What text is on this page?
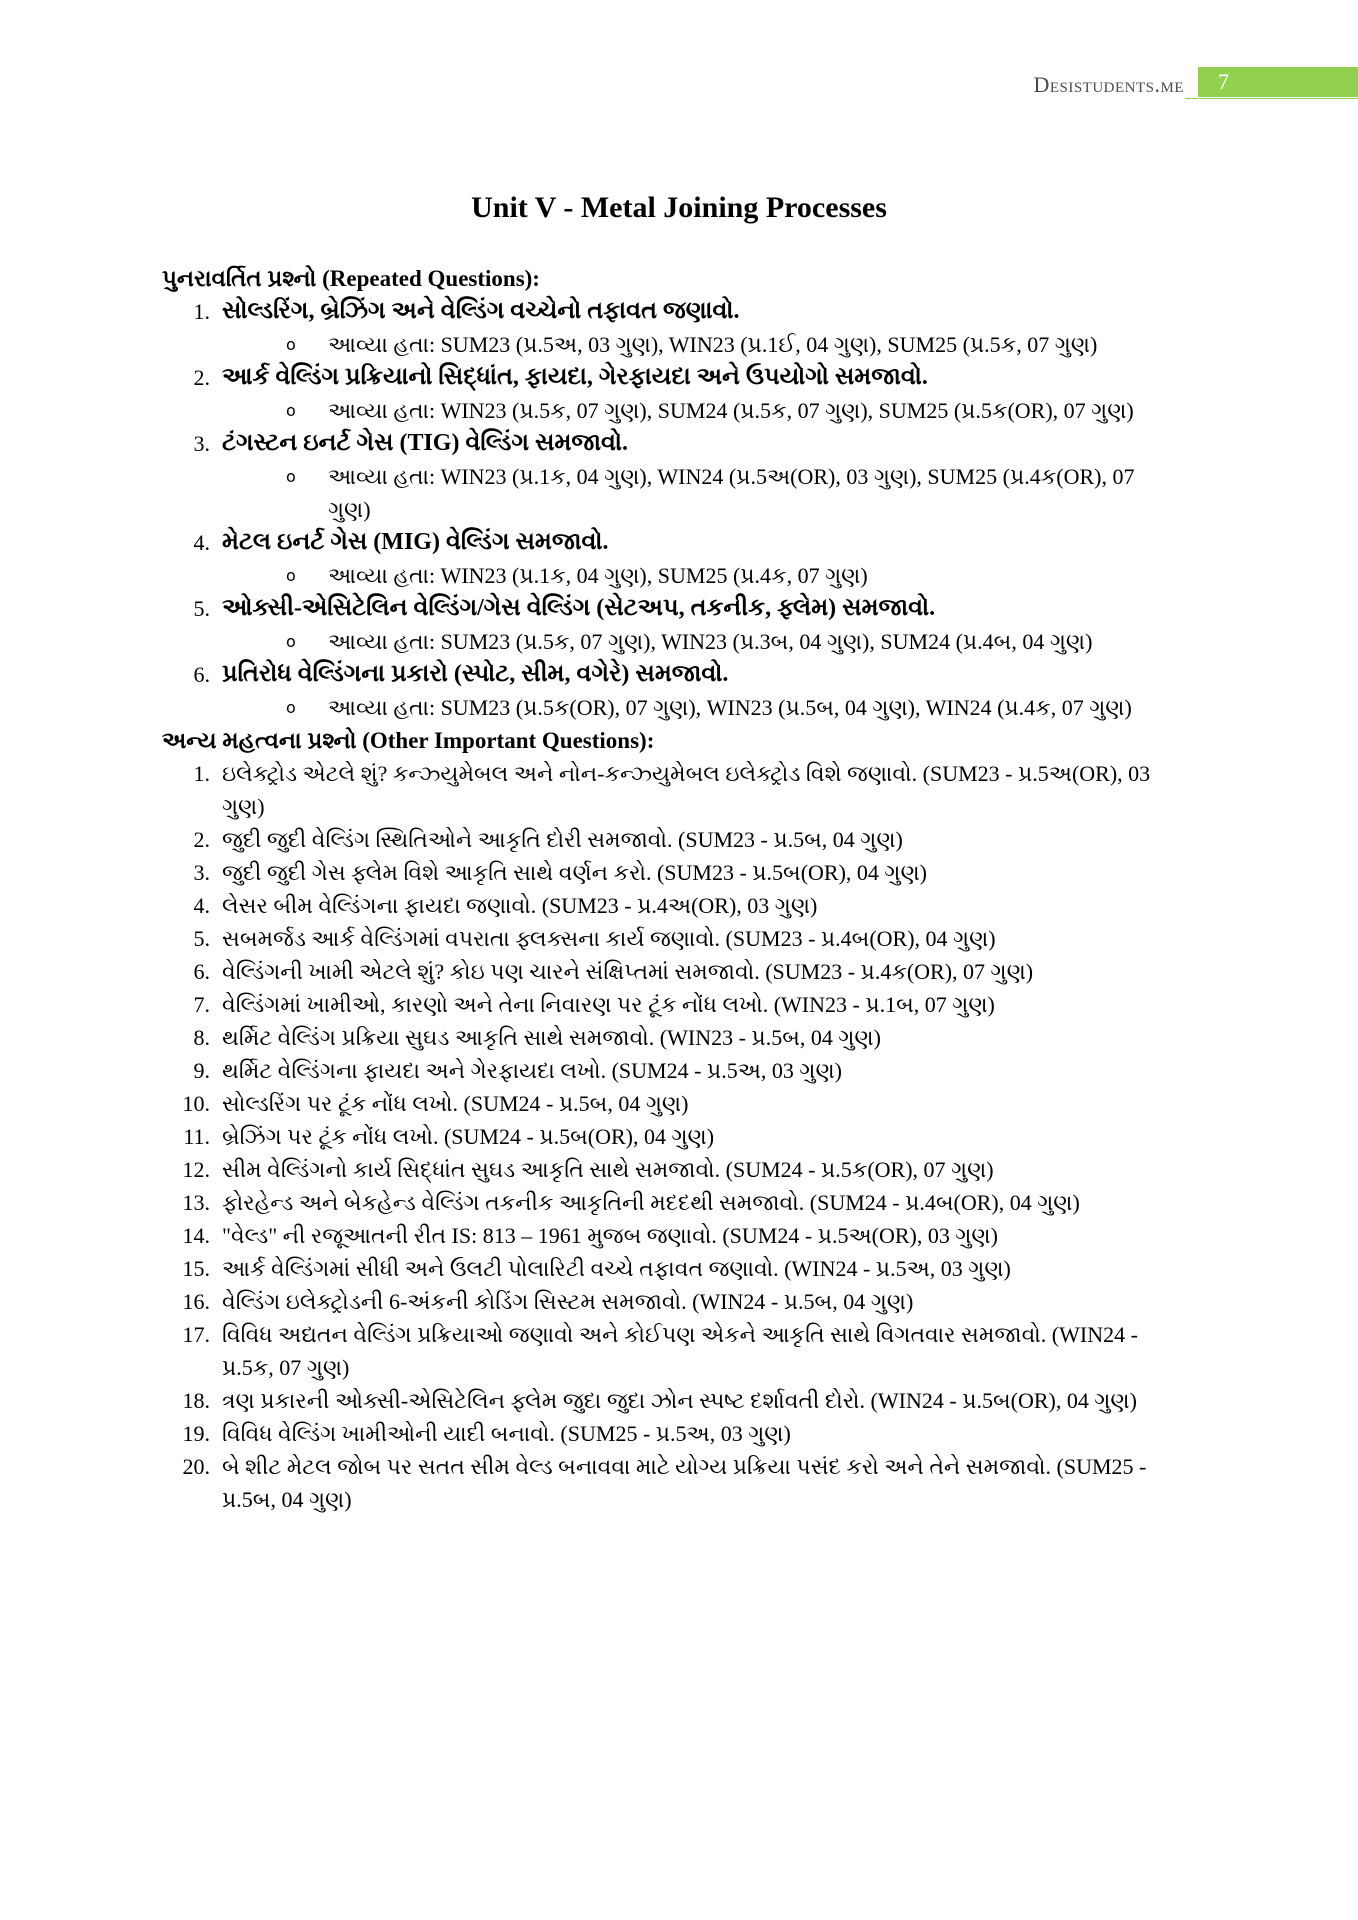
Desistudents.me	7
Unit V - Metal Joining Processes
પુનરાવર્તિત પ્રશ્નો (Repeated Questions):
1. સોલ્ડરિંગ, બ્રેઝિંગ અને વેલ્ડિંગ વચ્ચેનો તફાવત જણાવો.
o	આવ્યા હતા: SUM23 (પ્ર.5અ, 03 ગુણ), WIN23 (પ્ર.1ઈ, 04 ગુણ), SUM25 (પ્ર.5ક, 07 ગુણ)
2. આર્ક વેલ્ડિંગ પ્રક્રિયાનો સિદ્ધાંત, ફાયદા, ગેરફાયદા અને ઉપયોગો સમજાવો.
o	આવ્યા હતા: WIN23 (પ્ર.5ક, 07 ગુણ), SUM24 (પ્ર.5ક, 07 ગુણ), SUM25 (પ્ર.5ક(OR), 07 ગુણ)
3. ટંગસ્ટન ઇનર્ટ ગેસ (TIG) વેલ્ડિંગ સમજાવો.
o	આવ્યા હતા: WIN23 (પ્ર.1ક, 04 ગુણ), WIN24 (પ્ર.5અ(OR), 03 ગુણ), SUM25 (પ્ર.4ક(OR), 07 ગુણ)
4. મેટલ ઇનર્ટ ગેસ (MIG) વેલ્ડિંગ સમજાવો.
o	આવ્યા હતા: WIN23 (પ્ર.1ક, 04 ગુણ), SUM25 (પ્ર.4ક, 07 ગુણ)
5. ઓક્સી-એસિટેલિન વેલ્ડિંગ/ગેસ વેલ્ડિંગ (સેટઅપ, તકનીક, ફ્લેમ) સમજાવો.
o	આવ્યા હતા: SUM23 (પ્ર.5ક, 07 ગુણ), WIN23 (પ્ર.3બ, 04 ગુણ), SUM24 (પ્ર.4બ, 04 ગુણ)
6. પ્રતિરોધ વેલ્ડિંગના પ્રકારો (સ્પોટ, સીમ, વગેરે) સમજાવો.
o	આવ્યા હતા: SUM23 (પ્ર.5ક(OR), 07 ગુણ), WIN23 (પ્ર.5બ, 04 ગુણ), WIN24 (પ્ર.4ક, 07 ગુણ)
અન્ય મહત્વના પ્રશ્નો (Other Important Questions):
1. ઇલેક્ટ્રોડ એટલે શું? કન્ઝ્યુમેબલ અને નોન-કન્ઝ્યુમેબલ ઇલેક્ટ્રોડ વિશે જણાવો. (SUM23 - પ્ર.5અ(OR), 03 ગુણ)
2. જુદી જુદી વેલ્ડિંગ સ્થિતિઓને આકૃતિ દોરી સમજાવો. (SUM23 - પ્ર.5બ, 04 ગુણ)
3. જુદી જુદી ગેસ ફ્લેમ વિશે આકૃતિ સાથે વર્ણન કરો. (SUM23 - પ્ર.5બ(OR), 04 ગુણ)
4. લેસર બીમ વેલ્ડિંગના ફાયદા જણાવો. (SUM23 - પ્ર.4અ(OR), 03 ગુણ)
5. સબમર્જડ આર્ક વેલ્ડિંગમાં વપરાતા ફ્લક્સના કાર્ય જણાવો. (SUM23 - પ્ર.4બ(OR), 04 ગુણ)
6. વેલ્ડિંગની ખામી એટલે શું? કોઇ પણ ચારને સંક્ષિપ્તમાં સમજાવો. (SUM23 - પ્ર.4ક(OR), 07 ગુણ)
7. વેલ્ડિંગમાં ખામીઓ, કારણો અને તેના નિવારણ પર ટૂંક નોંધ લખો. (WIN23 - પ્ર.1બ, 07 ગુણ)
8. થર્મિટ વેલ્ડિંગ પ્રક્રિયા સુઘડ આકૃતિ સાથે સમજાવો. (WIN23 - પ્ર.5બ, 04 ગુણ)
9. થર્મિટ વેલ્ડિંગના ફાયદા અને ગેરફાયદા લખો. (SUM24 - પ્ર.5અ, 03 ગુણ)
10. સોલ્ડરિંગ પર ટૂંક નોંધ લખો. (SUM24 - પ્ર.5બ, 04 ગુણ)
11. બ્રેઝિંગ પર ટૂંક નોંધ લખો. (SUM24 - પ્ર.5બ(OR), 04 ગુણ)
12. સીમ વેલ્ડિંગનો કાર્ય સિદ્ધાંત સુઘડ આકૃતિ સાથે સમજાવો. (SUM24 - પ્ર.5ક(OR), 07 ગુણ)
13. ફોરહેન્ડ અને બેકહેન્ડ વેલ્ડિંગ તકનીક આકૃતિની મદદથી સમજાવો. (SUM24 - પ્ર.4બ(OR), 04 ગુણ)
14. "વેલ્ડ" ની રજૂઆતની રીત IS: 813 – 1961 મુજબ જણાવો. (SUM24 - પ્ર.5અ(OR), 03 ગુણ)
15. આર્ક વેલ્ડિંગમાં સીધી અને ઉલટી પોલારિટી વચ્ચે તફાવત જણાવો. (WIN24 - પ્ર.5અ, 03 ગુણ)
16. વેલ્ડિંગ ઇલેક્ટ્રોડની 6-અંકની કોડિંગ સિસ્ટમ સમજાવો. (WIN24 - પ્ર.5બ, 04 ગુણ)
17. વિવિધ અદ્યતન વેલ્ડિંગ પ્રક્રિયાઓ જણાવો અને કોઈપણ એકને આકૃતિ સાથે વિગતવાર સમજાવો. (WIN24 - પ્ર.5ક, 07 ગુણ)
18. ત્રણ પ્રકારની ઓક્સી-એસિટેલિન ફ્લેમ જુદા જુદા ઝોન સ્પષ્ટ દર્શાવતી દોરો. (WIN24 - પ્ર.5બ(OR), 04 ગુણ)
19. વિવિધ વેલ્ડિંગ ખામીઓની યાદી બનાવો. (SUM25 - પ્ર.5અ, 03 ગુણ)
20. બે શીટ મેટલ જોબ પર સતત સીમ વેલ્ડ બનાવવા માટે યોગ્ય પ્રક્રિયા પસંદ કરો અને તેને સમજાવો. (SUM25 - પ્ર.5બ, 04 ગુણ)
